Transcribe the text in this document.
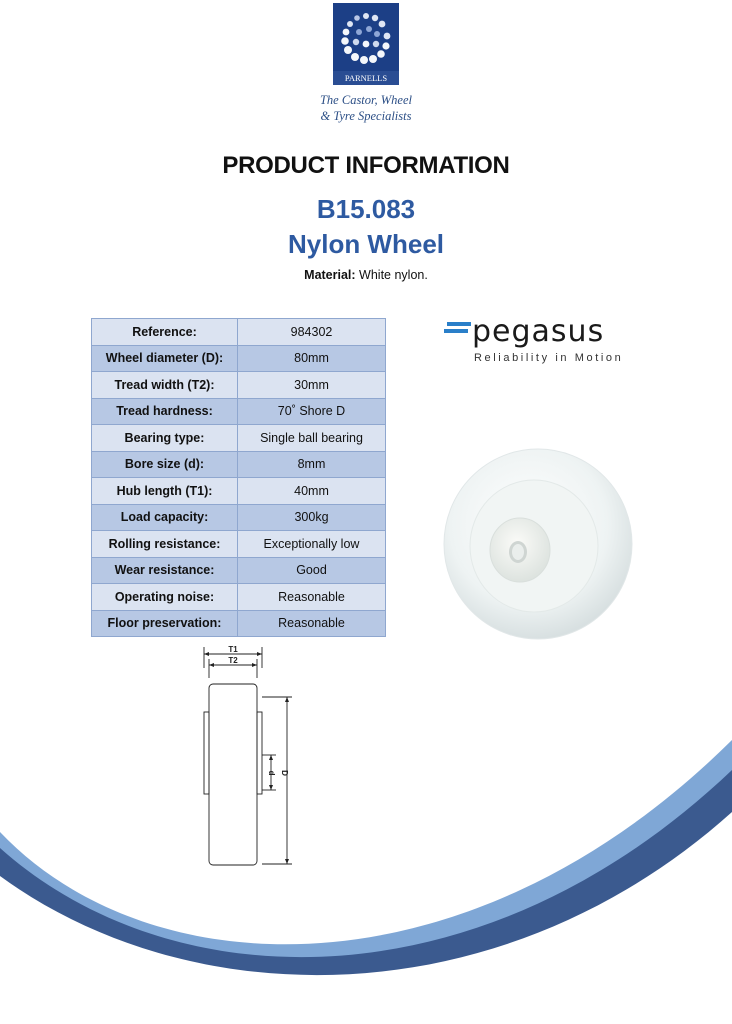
PARNELLS
The Castor, Wheel
& Tyre Specialists
PRODUCT INFORMATION
B15.083
Nylon Wheel
Material: White nylon.
Reference:	984302
Wheel diameter (D):	80mm
Tread width (T2):	30mm
Tread hardness:	70˚ Shore D
Bearing type:	Single ball bearing
Bore size (d):	8mm
Hub length (T1):	40mm
Load capacity:	300kg
Rolling resistance:	Exceptionally low
Wear resistance:	Good
Operating noise:	Reasonable
Floor preservation:	Reasonable
pegasus
Reliability in Motion
T1
T2
d D
